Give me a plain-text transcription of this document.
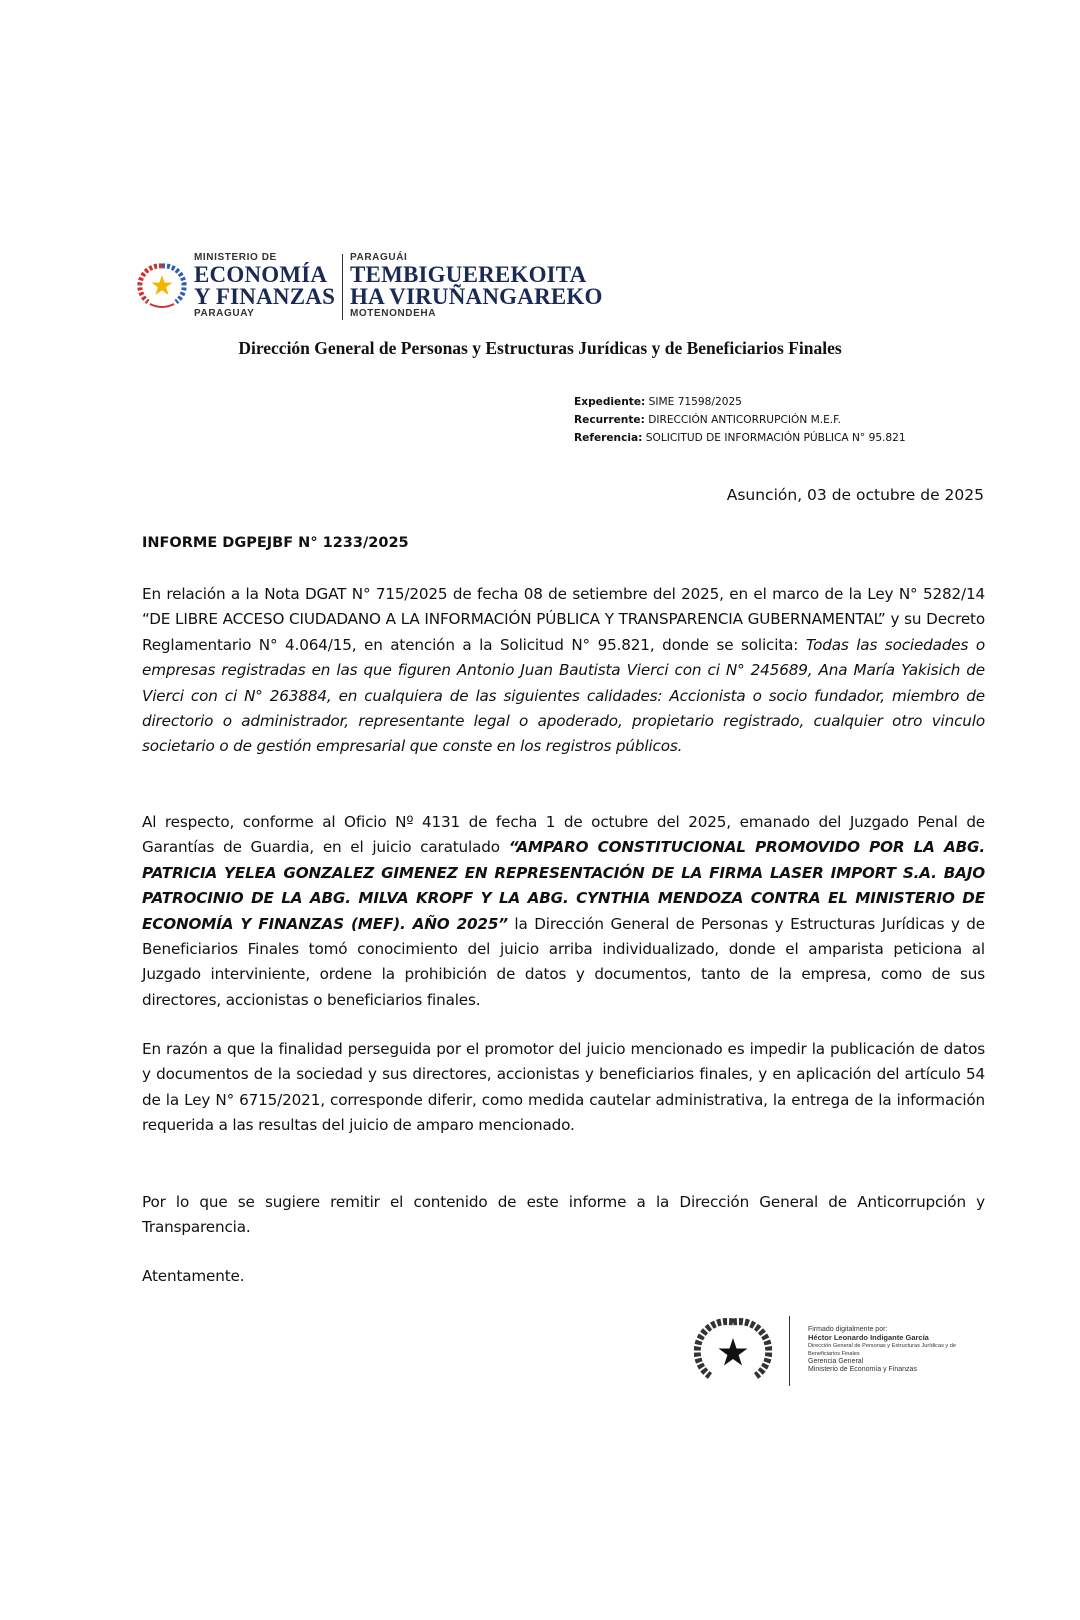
MINISTERIO DE
ECONOMÍA
Y FINANZAS
PARAGUAY
PARAGUÁI
TEMBIGUEREKOITA
HA VIRUÑANGAREKO
MOTENONDEHA
Dirección General de Personas y Estructuras Jurídicas y de Beneficiarios Finales
Expediente: SIME 71598/2025
Recurrente: DIRECCIÓN ANTICORRUPCIÓN M.E.F.
Referencia: SOLICITUD DE INFORMACIÓN PÚBLICA N° 95.821
Asunción, 03 de octubre de 2025
INFORME DGPEJBF N° 1233/2025
En relación a la Nota DGAT N° 715/2025 de fecha 08 de setiembre del 2025, en el marco de la Ley N° 5282/14 “DE LIBRE ACCESO CIUDADANO A LA INFORMACIÓN PÚBLICA Y TRANSPARENCIA GUBERNAMENTAL” y su Decreto Reglamentario N° 4.064/15, en atención a la Solicitud N° 95.821, donde se solicita: Todas las sociedades o empresas registradas en las que figuren Antonio Juan Bautista Vierci con ci N° 245689, Ana María Yakisich de Vierci con ci N° 263884, en cualquiera de las siguientes calidades: Accionista o socio fundador, miembro de directorio o administrador, representante legal o apoderado, propietario registrado, cualquier otro vinculo societario o de gestión empresarial que conste en los registros públicos.
Al respecto, conforme al Oficio Nº 4131 de fecha 1 de octubre del 2025, emanado del Juzgado Penal de Garantías de Guardia, en el juicio caratulado “AMPARO CONSTITUCIONAL PROMOVIDO POR LA ABG. PATRICIA YELEA GONZALEZ GIMENEZ EN REPRESENTACIÓN DE LA FIRMA LASER IMPORT S.A. BAJO PATROCINIO DE LA ABG. MILVA KROPF Y LA ABG. CYNTHIA MENDOZA CONTRA EL MINISTERIO DE ECONOMÍA Y FINANZAS (MEF). AÑO 2025” la Dirección General de Personas y Estructuras Jurídicas y de Beneficiarios Finales tomó conocimiento del juicio arriba individualizado, donde el amparista peticiona al Juzgado interviniente, ordene la prohibición de datos y documentos, tanto de la empresa, como de sus directores, accionistas o beneficiarios finales.
En razón a que la finalidad perseguida por el promotor del juicio mencionado es impedir la publicación de datos y documentos de la sociedad y sus directores, accionistas y beneficiarios finales, y en aplicación del artículo 54 de la Ley N° 6715/2021, corresponde diferir, como medida cautelar administrativa, la entrega de la información requerida a las resultas del juicio de amparo mencionado.
Por lo que se sugiere remitir el contenido de este informe a la Dirección General de Anticorrupción y Transparencia.
Atentamente.
Firmado digitalmente por:
Héctor Leonardo Indigante García
Dirección General de Personas y Estructuras Jurídicas y de
Beneficiarios Finales
Gerencia General
Ministerio de Economía y Finanzas
